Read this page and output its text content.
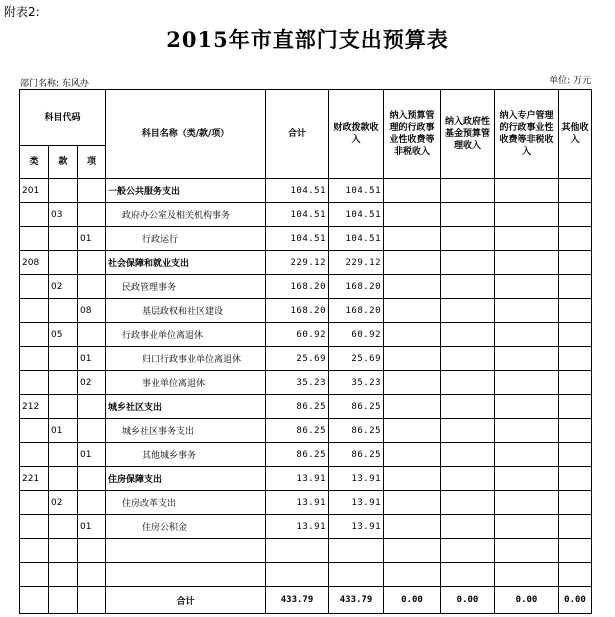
附表2:
2015年市直部门支出预算表
部门名称: 东风办	单位: 万元
科目代码			科目名称（类/款/项）	合计	财政拨款收入	纳入预算管理的行政事业性收费等非税收入	纳入政府性基金预算管理收入	纳入专户管理的行政事业性收费等非税收入	其他收入
类	款	项							
201			一般公共服务支出	104.51	104.51				
	03		政府办公室及相关机构事务	104.51	104.51				
		01	行政运行	104.51	104.51				
208			社会保障和就业支出	229.12	229.12				
	02		民政管理事务	168.20	168.20				
		08	基层政权和社区建设	168.20	168.20				
	05		行政事业单位离退休	60.92	60.92				
		01	归口行政事业单位离退休	25.69	25.69				
		02	事业单位离退休	35.23	35.23				
212			城乡社区支出	86.25	86.25				
	01		城乡社区事务支出	86.25	86.25				
		01	其他城乡事务	86.25	86.25				
221			住房保障支出	13.91	13.91				
	02		住房改革支出	13.91	13.91				
		01	住房公积金	13.91	13.91				

			合计	433.79	433.79	0.00	0.00	0.00	0.00
